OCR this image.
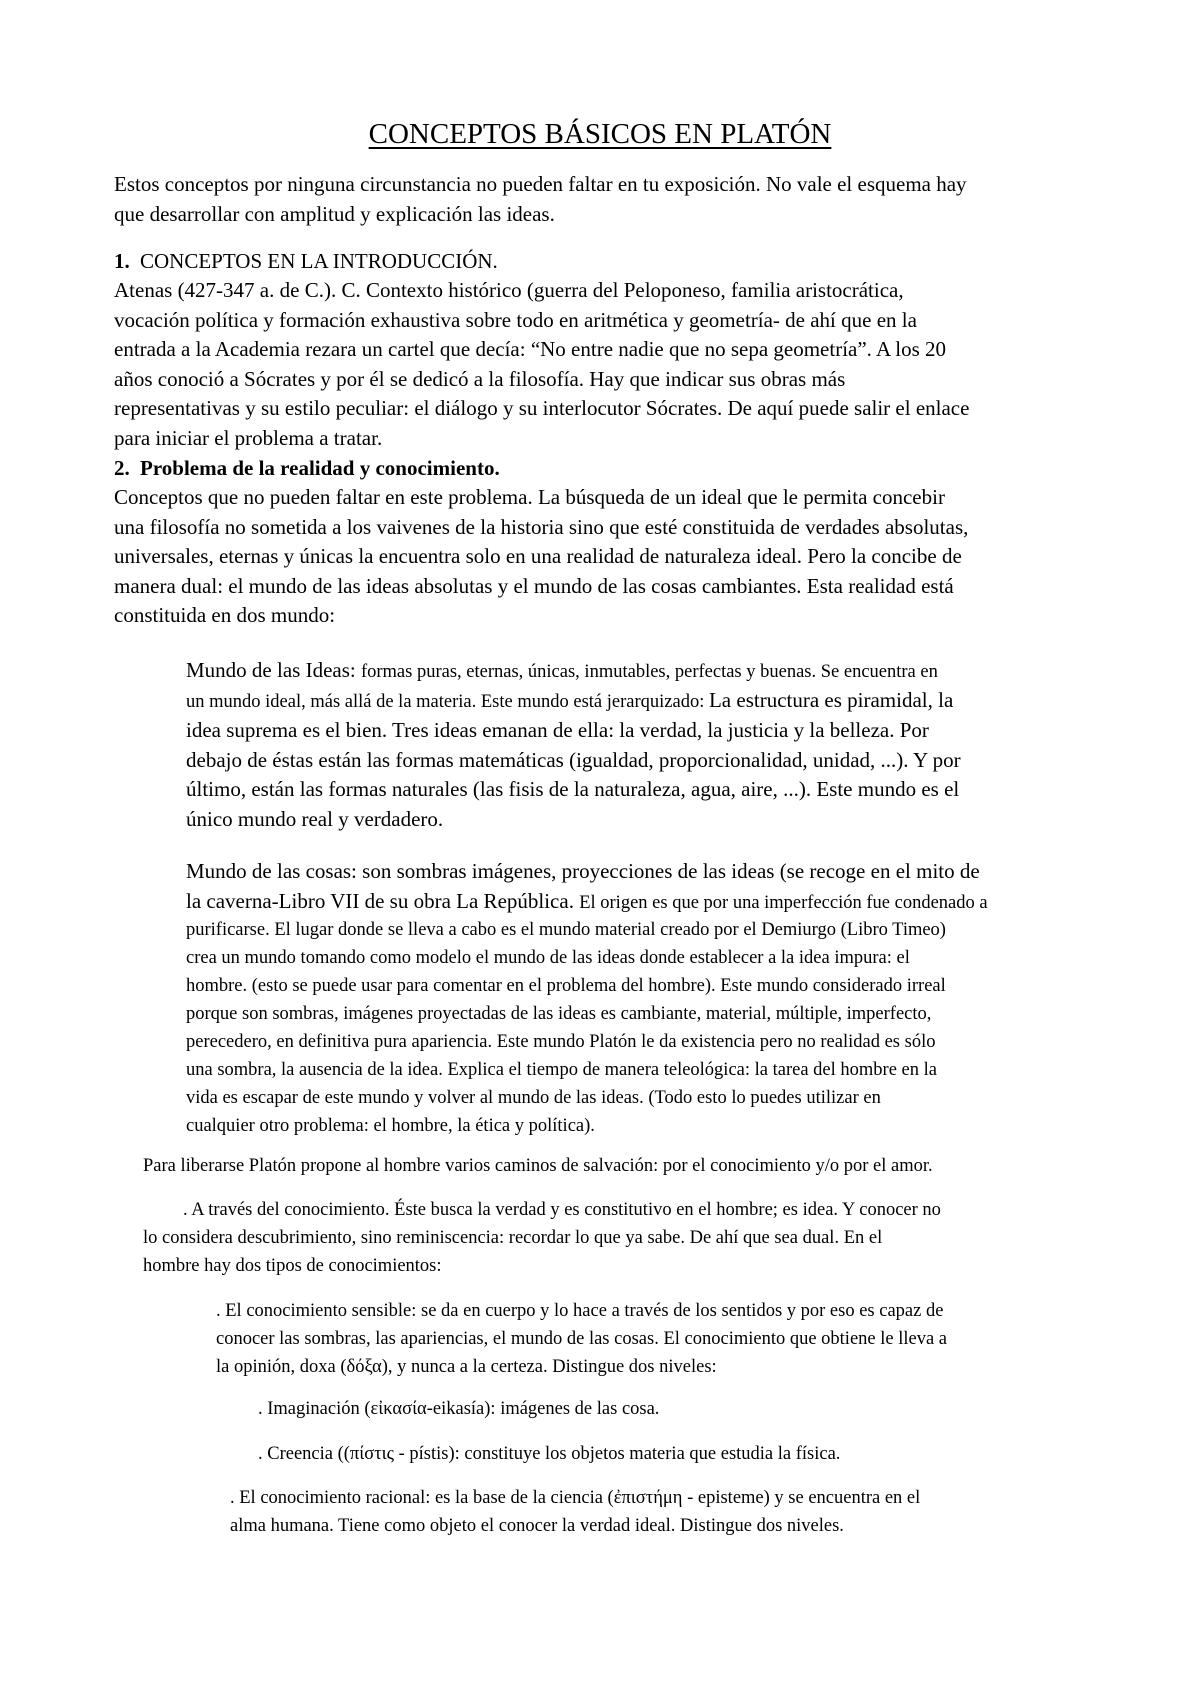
CONCEPTOS BÁSICOS EN PLATÓN
Estos conceptos por ninguna circunstancia no pueden faltar en tu exposición. No vale el esquema hay
que desarrollar con amplitud y explicación las ideas.
1. CONCEPTOS EN LA INTRODUCCIÓN.
Atenas (427-347 a. de C.). C. Contexto histórico (guerra del Peloponeso, familia aristocrática,
vocación política y formación exhaustiva sobre todo en aritmética y geometría- de ahí que en la
entrada a la Academia rezara un cartel que decía: “No entre nadie que no sepa geometría”. A los 20
años conoció a Sócrates y por él se dedicó a la filosofía. Hay que indicar sus obras más
representativas y su estilo peculiar: el diálogo y su interlocutor Sócrates. De aquí puede salir el enlace
para iniciar el problema a tratar.
2. Problema de la realidad y conocimiento.
Conceptos que no pueden faltar en este problema. La búsqueda de un ideal que le permita concebir
una filosofía no sometida a los vaivenes de la historia sino que esté constituida de verdades absolutas,
universales, eternas y únicas la encuentra solo en una realidad de naturaleza ideal. Pero la concibe de
manera dual: el mundo de las ideas absolutas y el mundo de las cosas cambiantes. Esta realidad está
constituida en dos mundo:
Mundo de las Ideas: formas puras, eternas, únicas, inmutables, perfectas y buenas. Se encuentra en
un mundo ideal, más allá de la materia. Este mundo está jerarquizado: La estructura es piramidal, la
idea suprema es el bien. Tres ideas emanan de ella: la verdad, la justicia y la belleza. Por
debajo de éstas están las formas matemáticas (igualdad, proporcionalidad, unidad, ...). Y por
último, están las formas naturales (las fisis de la naturaleza, agua, aire, ...). Este mundo es el
único mundo real y verdadero.
Mundo de las cosas: son sombras imágenes, proyecciones de las ideas (se recoge en el mito de
la caverna-Libro VII de su obra La República. El origen es que por una imperfección fue condenado a
purificarse. El lugar donde se lleva a cabo es el mundo material creado por el Demiurgo (Libro Timeo)
crea un mundo tomando como modelo el mundo de las ideas donde establecer a la idea impura: el
hombre. (esto se puede usar para comentar en el problema del hombre). Este mundo considerado irreal
porque son sombras, imágenes proyectadas de las ideas es cambiante, material, múltiple, imperfecto,
perecedero, en definitiva pura apariencia. Este mundo Platón le da existencia pero no realidad es sólo
una sombra, la ausencia de la idea. Explica el tiempo de manera teleológica: la tarea del hombre en la
vida es escapar de este mundo y volver al mundo de las ideas. (Todo esto lo puedes utilizar en
cualquier otro problema: el hombre, la ética y política).
Para liberarse Platón propone al hombre varios caminos de salvación: por el conocimiento y/o por el amor.
. A través del conocimiento. Éste busca la verdad y es constitutivo en el hombre; es idea. Y conocer no
lo considera descubrimiento, sino reminiscencia: recordar lo que ya sabe. De ahí que sea dual. En el
hombre hay dos tipos de conocimientos:
. El conocimiento sensible: se da en cuerpo y lo hace a través de los sentidos y por eso es capaz de
conocer las sombras, las apariencias, el mundo de las cosas. El conocimiento que obtiene le lleva a
la opinión, doxa (δόξα), y nunca a la certeza. Distingue dos niveles:
. Imaginación (εἰκασία-eikasía): imágenes de las cosa.
. Creencia ((πίστις - pístis): constituye los objetos materia que estudia la física.
. El conocimiento racional: es la base de la ciencia (ἐπιστήμη - episteme) y se encuentra en el
alma humana. Tiene como objeto el conocer la verdad ideal. Distingue dos niveles.
